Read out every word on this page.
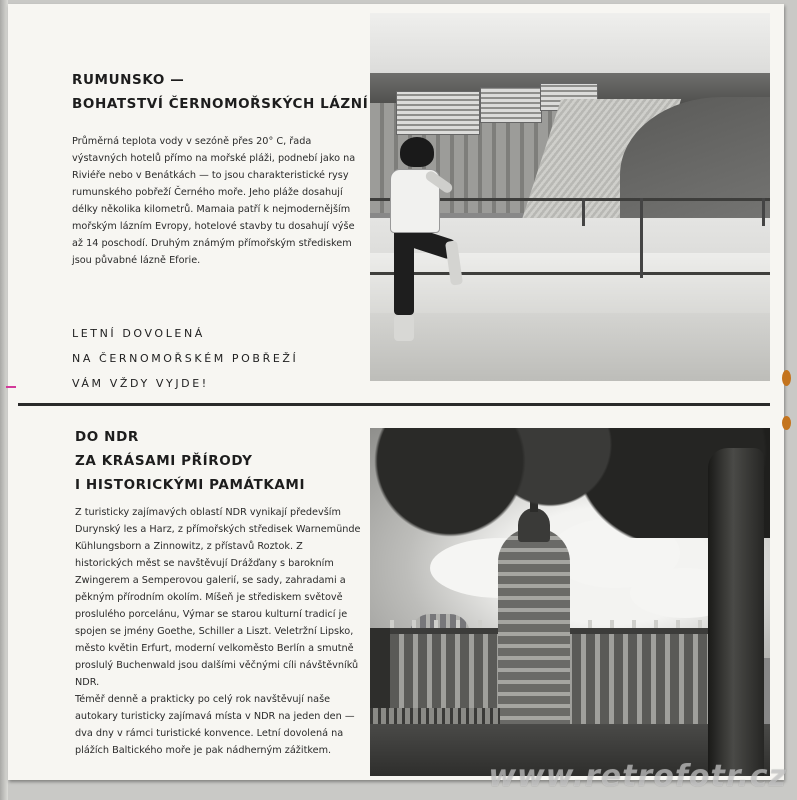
RUMUNSKO —
BOHATSTVÍ ČERNOMOŘSKÝCH LÁZNÍ

Průměrná teplota vody v sezóně přes 20° C, řada výstavných hotelů přímo na mořské pláži, podnebí jako na Riviéře nebo v Benátkách — to jsou charakteristické rysy rumunského pobřeží Černého moře. Jeho pláže dosahují délky několika kilometrů. Mamaia patří k nejmodernějším mořským lázním Evropy, hotelové stavby tu dosahují výše až 14 poschodí. Druhým známým přímořským střediskem jsou půvabné lázně Eforie.

LETNÍ DOVOLENÁ
NA ČERNOMOŘSKÉM POBŘEŽÍ
VÁM VŽDY VYJDE!
DO NDR
ZA KRÁSAMI PŘÍRODY
I HISTORICKÝMI PAMÁTKAMI

Z turisticky zajímavých oblastí NDR vynikají především Durynský les a Harz, z přímořských středisek Warnemünde Kühlungsborn a Zinnowitz, z přístavů Roztok. Z historických měst se navštěvují Drážďany s barokním Zwingerem a Semperovou galerií, se sady, zahradami a pěkným přírodním okolím. Míšeň je střediskem světově proslulého porcelánu, Výmar se starou kulturní tradicí je spojen se jmény Goethe, Schiller a Liszt. Veletržní Lipsko, město květin Erfurt, moderní velkoměsto Berlín a smutně proslulý Buchenwald jsou dalšími věčnými cíli návštěvníků NDR.

Téměř denně a prakticky po celý rok navštěvují naše autokary turisticky zajímavá místa v NDR na jeden den — dva dny v rámci turistické konvence. Letní dovolená na plážích Baltického moře je pak nádherným zážitkem.

www.retrofotr.cz
